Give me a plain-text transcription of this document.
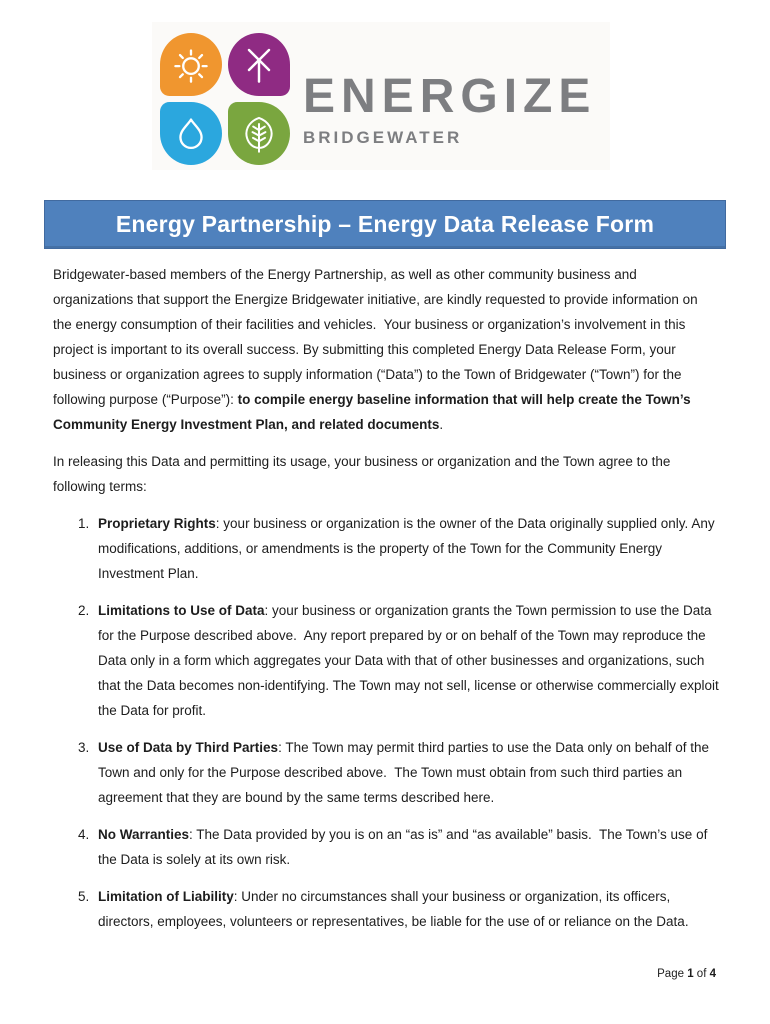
ENERGIZE
BRIDGEWATER
Energy Partnership – Energy Data Release Form

Bridgewater-based members of the Energy Partnership, as well as other community business and organizations that support the Energize Bridgewater initiative, are kindly requested to provide information on the energy consumption of their facilities and vehicles.  Your business or organization’s involvement in this project is important to its overall success. By submitting this completed Energy Data Release Form, your business or organization agrees to supply information (“Data”) to the Town of Bridgewater (“Town”) for the following purpose (“Purpose”): to compile energy baseline information that will help create the Town’s Community Energy Investment Plan, and related documents.

In releasing this Data and permitting its usage, your business or organization and the Town agree to the following terms:

1. Proprietary Rights: your business or organization is the owner of the Data originally supplied only. Any modifications, additions, or amendments is the property of the Town for the Community Energy Investment Plan.
2. Limitations to Use of Data: your business or organization grants the Town permission to use the Data for the Purpose described above.  Any report prepared by or on behalf of the Town may reproduce the Data only in a form which aggregates your Data with that of other businesses and organizations, such that the Data becomes non-identifying. The Town may not sell, license or otherwise commercially exploit the Data for profit.
3. Use of Data by Third Parties: The Town may permit third parties to use the Data only on behalf of the Town and only for the Purpose described above.  The Town must obtain from such third parties an agreement that they are bound by the same terms described here.
4. No Warranties: The Data provided by you is on an “as is” and “as available” basis.  The Town’s use of the Data is solely at its own risk.
5. Limitation of Liability: Under no circumstances shall your business or organization, its officers, directors, employees, volunteers or representatives, be liable for the use of or reliance on the Data.
Page 1 of 4
